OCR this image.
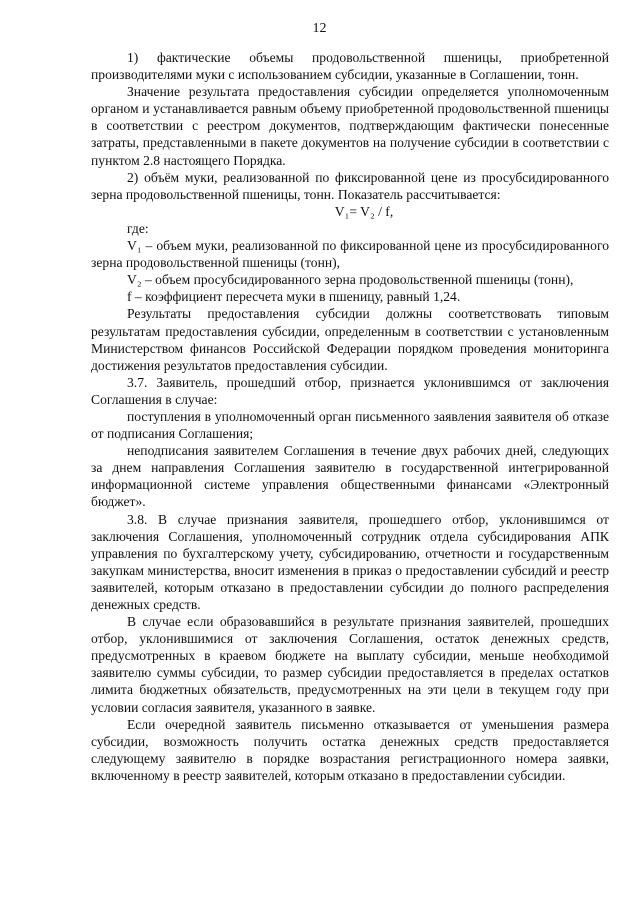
12

1) фактические объемы продовольственной пшеницы, приобретенной производителями муки с использованием субсидии, указанные в Соглашении, тонн.

Значение результата предоставления субсидии определяется уполномоченным органом и устанавливается равным объему приобретенной продовольственной пшеницы в соответствии с реестром документов, подтверждающим фактически понесенные затраты, представленными в пакете документов на получение субсидии в соответствии с пунктом 2.8 настоящего Порядка.

2) объём муки, реализованной по фиксированной цене из просубсидированного зерна продовольственной пшеницы, тонн. Показатель рассчитывается:

V₁= V₂ / f,

где:

V₁ – объем муки, реализованной по фиксированной цене из просубсидированного зерна продовольственной пшеницы (тонн),

V₂ – объем просубсидированного зерна продовольственной пшеницы (тонн),

f – коэффициент пересчета муки в пшеницу, равный 1,24.

Результаты предоставления субсидии должны соответствовать типовым результатам предоставления субсидии, определенным в соответствии с установленным Министерством финансов Российской Федерации порядком проведения мониторинга достижения результатов предоставления субсидии.

3.7. Заявитель, прошедший отбор, признается уклонившимся от заключения Соглашения в случае:

поступления в уполномоченный орган письменного заявления заявителя об отказе от подписания Соглашения;

неподписания заявителем Соглашения в течение двух рабочих дней, следующих за днем направления Соглашения заявителю в государственной интегрированной информационной системе управления общественными финансами «Электронный бюджет».

3.8. В случае признания заявителя, прошедшего отбор, уклонившимся от заключения Соглашения, уполномоченный сотрудник отдела субсидирования АПК управления по бухгалтерскому учету, субсидированию, отчетности и государственным закупкам министерства, вносит изменения в приказ о предоставлении субсидий и реестр заявителей, которым отказано в предоставлении субсидии до полного распределения денежных средств.

В случае если образовавшийся в результате признания заявителей, прошедших отбор, уклонившимися от заключения Соглашения, остаток денежных средств, предусмотренных в краевом бюджете на выплату субсидии, меньше необходимой заявителю суммы субсидии, то размер субсидии предоставляется в пределах остатков лимита бюджетных обязательств, предусмотренных на эти цели в текущем году при условии согласия заявителя, указанного в заявке.

Если очередной заявитель письменно отказывается от уменьшения размера субсидии, возможность получить остатка денежных средств предоставляется следующему заявителю в порядке возрастания регистрационного номера заявки, включенному в реестр заявителей, которым отказано в предоставлении субсидии.
